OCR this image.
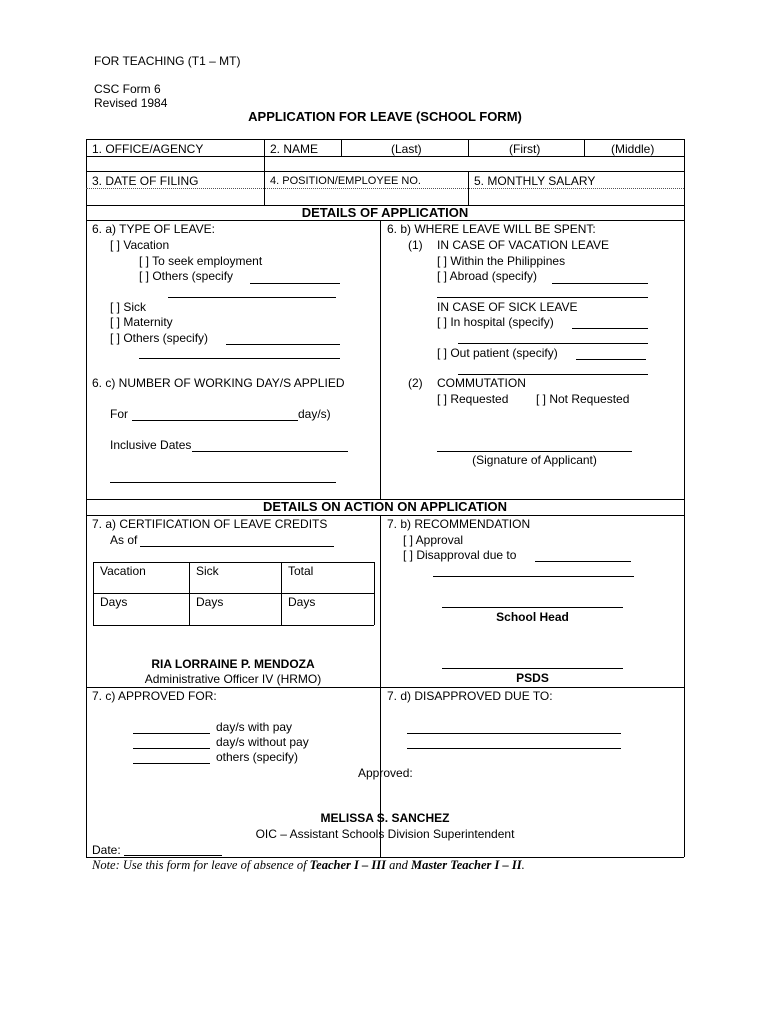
FOR TEACHING (T1 – MT)
CSC Form 6
Revised 1984
APPLICATION FOR LEAVE (SCHOOL FORM)
1. OFFICE/AGENCY	2. NAME	(Last)	(First)	(Middle)
3. DATE OF FILING	4. POSITION/EMPLOYEE NO.	5. MONTHLY SALARY
DETAILS OF APPLICATION
6. a) TYPE OF LEAVE:
[ ] Vacation
[ ] To seek employment
[ ] Others (specify
[ ] Sick
[ ] Maternity
[ ] Others (specify)
6. c) NUMBER OF WORKING DAY/S APPLIED
For	day/s)
Inclusive Dates
6. b) WHERE LEAVE WILL BE SPENT:
(1) IN CASE OF VACATION LEAVE
[ ] Within the Philippines
[ ] Abroad (specify)
IN CASE OF SICK LEAVE
[ ] In hospital (specify)
[ ] Out patient (specify)
(2) COMMUTATION
[ ] Requested [ ] Not Requested
(Signature of Applicant)
DETAILS ON ACTION ON APPLICATION
7. a) CERTIFICATION OF LEAVE CREDITS
As of
Vacation	Sick	Total
Days	Days	Days
RIA LORRAINE P. MENDOZA
Administrative Officer IV (HRMO)
7. b) RECOMMENDATION
[ ] Approval
[ ] Disapproval due to
School Head
PSDS
7. c) APPROVED FOR:
day/s with pay
day/s without pay
others (specify)
7. d) DISAPPROVED DUE TO:
Approved:
MELISSA S. SANCHEZ
OIC – Assistant Schools Division Superintendent
Date:
Note: Use this form for leave of absence of Teacher I – III and Master Teacher I – II.
